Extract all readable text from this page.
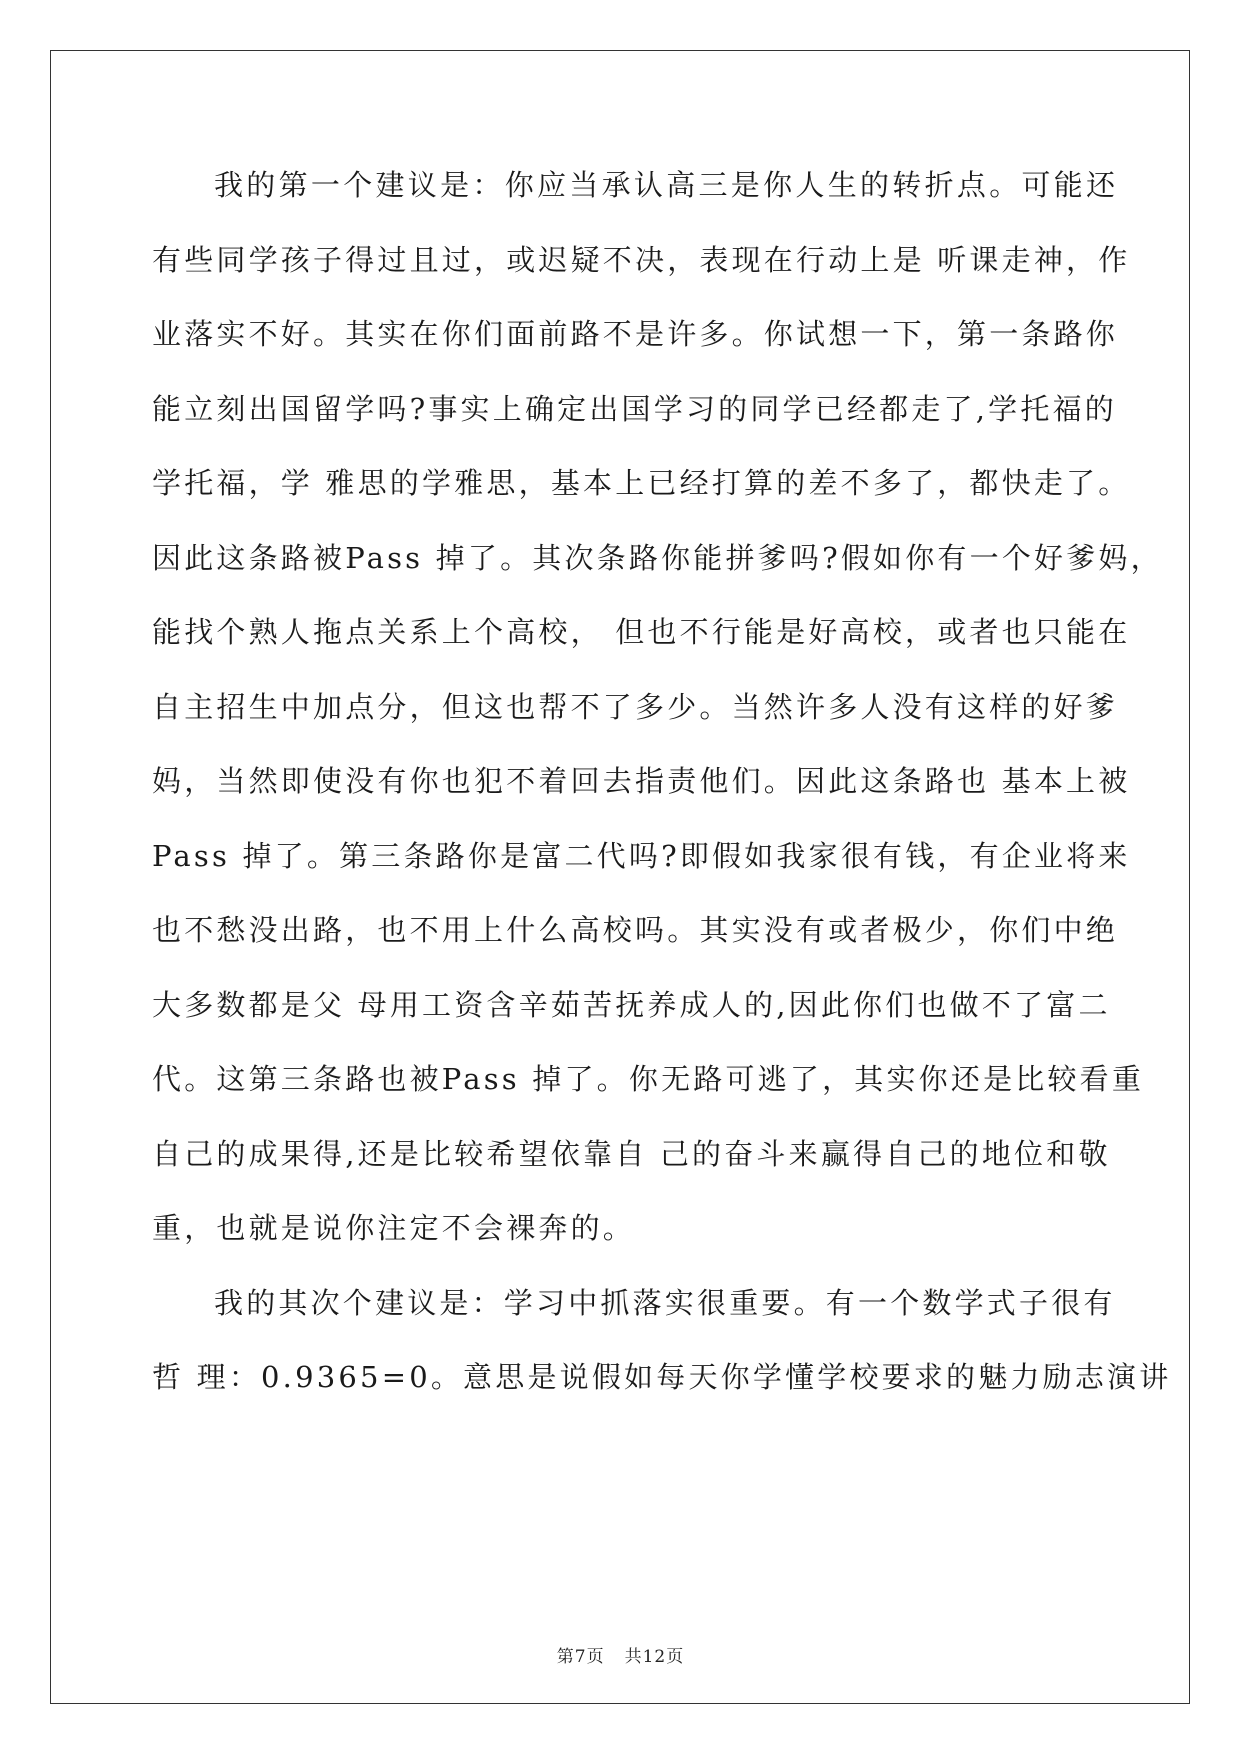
我的第一个建议是：你应当承认高三是你人生的转折点。可能还
有些同学孩子得过且过，或迟疑不决，表现在行动上是 听课走神，作
业落实不好。其实在你们面前路不是许多。你试想一下，第一条路你
能立刻出国留学吗?事实上确定出国学习的同学已经都走了,学托福的
学托福，学 雅思的学雅思，基本上已经打算的差不多了，都快走了。
因此这条路被Pass 掉了。其次条路你能拼爹吗?假如你有一个好爹妈，
能找个熟人拖点关系上个高校， 但也不行能是好高校，或者也只能在
自主招生中加点分，但这也帮不了多少。当然许多人没有这样的好爹
妈，当然即使没有你也犯不着回去指责他们。因此这条路也 基本上被
Pass 掉了。第三条路你是富二代吗?即假如我家很有钱，有企业将来
也不愁没出路，也不用上什么高校吗。其实没有或者极少，你们中绝
大多数都是父 母用工资含辛茹苦抚养成人的,因此你们也做不了富二
代。这第三条路也被Pass 掉了。你无路可逃了，其实你还是比较看重
自己的成果得,还是比较希望依靠自 己的奋斗来赢得自己的地位和敬
重，也就是说你注定不会裸奔的。
我的其次个建议是：学习中抓落实很重要。有一个数学式子很有
哲 理：0.9365=0。意思是说假如每天你学懂学校要求的魅力励志演讲
第7页 共12页
